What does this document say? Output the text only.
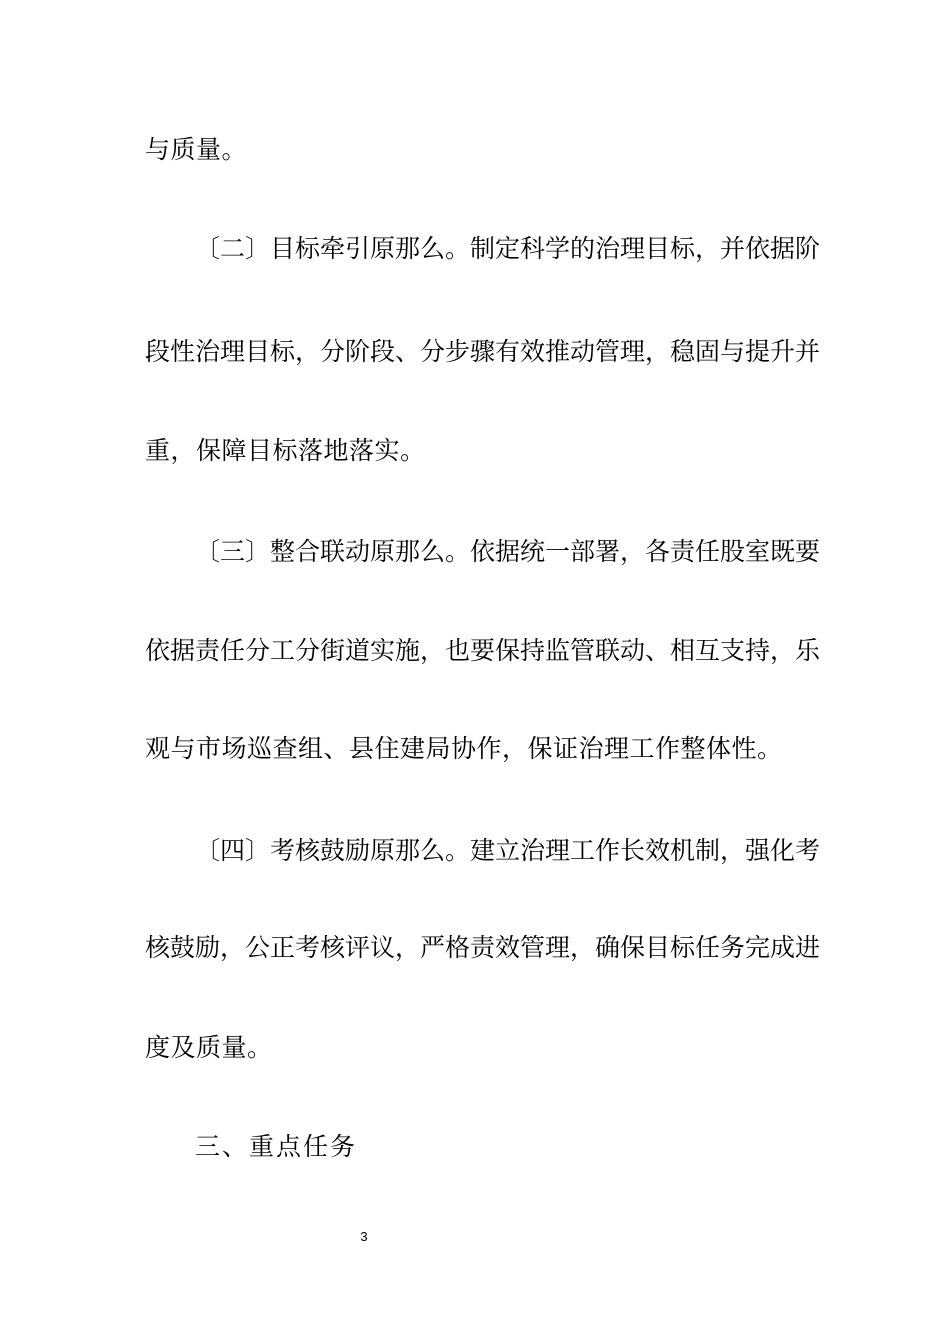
与质量。
〔二〕目标牵引原那么。制定科学的治理目标，并依据阶
段性治理目标，分阶段、分步骤有效推动管理，稳固与提升并
重，保障目标落地落实。
〔三〕整合联动原那么。依据统一部署，各责任股室既要
依据责任分工分街道实施，也要保持监管联动、相互支持，乐
观与市场巡查组、县住建局协作，保证治理工作整体性。
〔四〕考核鼓励原那么。建立治理工作长效机制，强化考
核鼓励，公正考核评议，严格责效管理，确保目标任务完成进
度及质量。
三、重点任务
3
